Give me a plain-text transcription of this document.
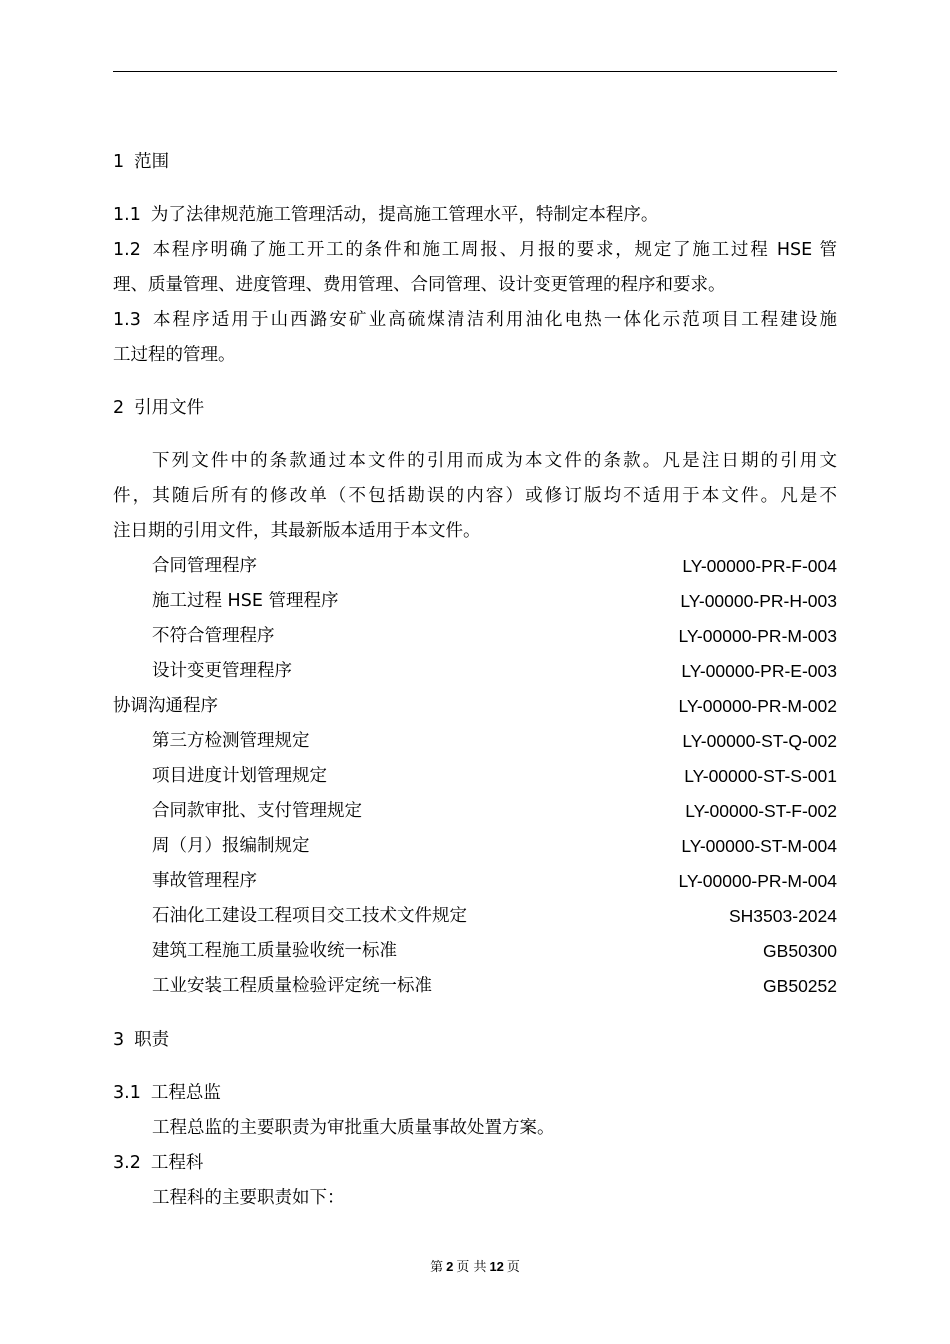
1 范围
1.1 为了法律规范施工管理活动，提高施工管理水平，特制定本程序。
1.2 本程序明确了施工开工的条件和施工周报、月报的要求，规定了施工过程 HSE 管
理、质量管理、进度管理、费用管理、合同管理、设计变更管理的程序和要求。
1.3 本程序适用于山西潞安矿业高硫煤清洁利用油化电热一体化示范项目工程建设施
工过程的管理。
2 引用文件
下列文件中的条款通过本文件的引用而成为本文件的条款。凡是注日期的引用文
件，其随后所有的修改单（不包括勘误的内容）或修订版均不适用于本文件。凡是不
注日期的引用文件，其最新版本适用于本文件。
合同管理程序	LY-00000-PR-F-004
施工过程 HSE 管理程序	LY-00000-PR-H-003
不符合管理程序	LY-00000-PR-M-003
设计变更管理程序	LY-00000-PR-E-003
协调沟通程序	LY-00000-PR-M-002
第三方检测管理规定	LY-00000-ST-Q-002
项目进度计划管理规定	LY-00000-ST-S-001
合同款审批、支付管理规定	LY-00000-ST-F-002
周（月）报编制规定	LY-00000-ST-M-004
事故管理程序	LY-00000-PR-M-004
石油化工建设工程项目交工技术文件规定	SH3503-2024
建筑工程施工质量验收统一标准	GB50300
工业安装工程质量检验评定统一标准	GB50252
3 职责
3.1 工程总监
工程总监的主要职责为审批重大质量事故处置方案。
3.2 工程科
工程科的主要职责如下：
第 2 页 共 12 页
